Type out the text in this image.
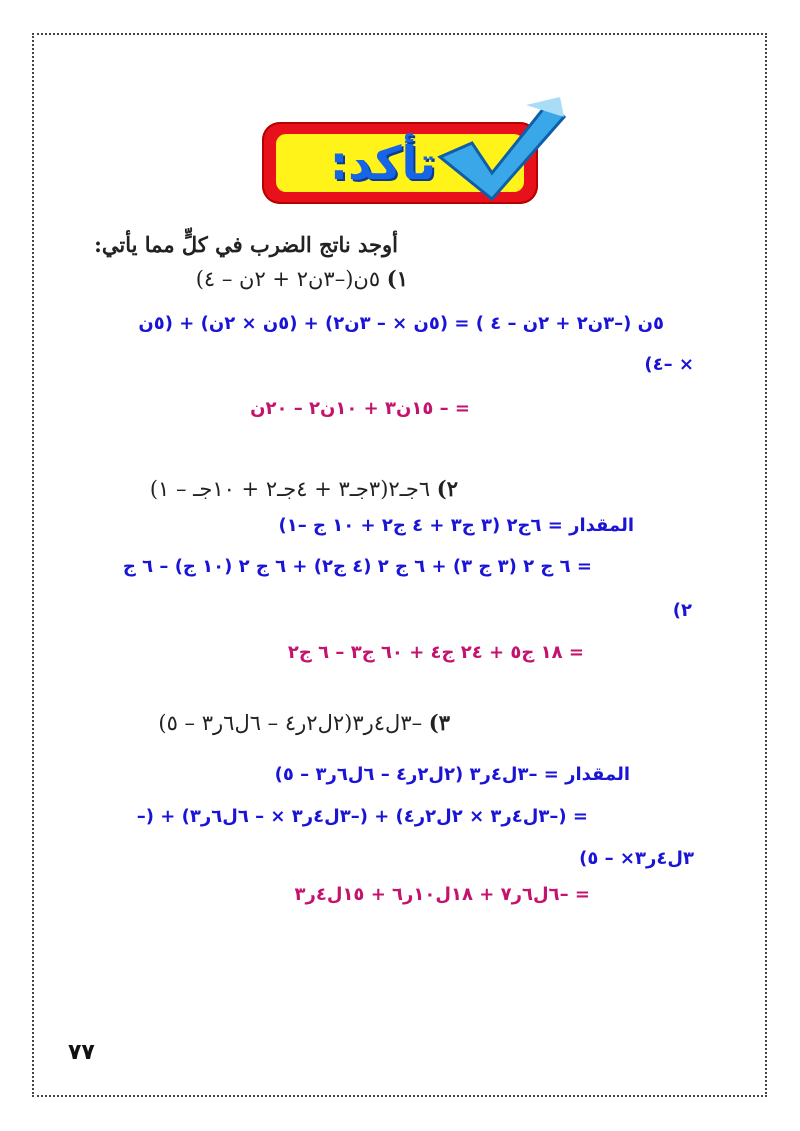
تأكد:
أوجد ناتج الضرب في كلٍّ مما يأتي:
١) ٥ن(–٣ن٢ + ٢ن – ٤)
٥ن (–٣ن٢ + ٢ن – ٤ ) = (٥ن × – ٣ن٢) + (٥ن × ٢ن) + (٥ن
× –٤)
= – ١٥ن٣ + ١٠ن٢ – ٢٠ن
٢) ٦جـ٢(٣جـ٣ + ٤جـ٢ + ١٠جـ – ١)
المقدار = ٦ج٢ (٣ ج٣ + ٤ ج٢ + ١٠ ج –١)
= ٦ ج ٢ (٣ ج ٣) + ٦ ج ٢ (٤ ج٢) + ٦ ج ٢ (١٠ ج) – ٦ ج
٢)
= ١٨ ج٥ + ٢٤ ج٤ + ٦٠ ج٣ – ٦ ج٢
٣) –٣ل٤ر٣(٢ل٢ر٤ – ٦ل٦ر٣ – ٥)
المقدار = –٣ل٤ر٣ (٢ل٢ر٤ – ٦ل٦ر٣ – ٥)
= (–٣ل٤ر٣ × ٢ل٢ر٤) + (–٣ل٤ر٣ × – ٦ل٦ر٣) + (–
٣ل٤ر٣× – ٥)
= –٦ل٦ر٧ + ١٨ل١٠ر٦ + ١٥ل٤ر٣
٧٧
